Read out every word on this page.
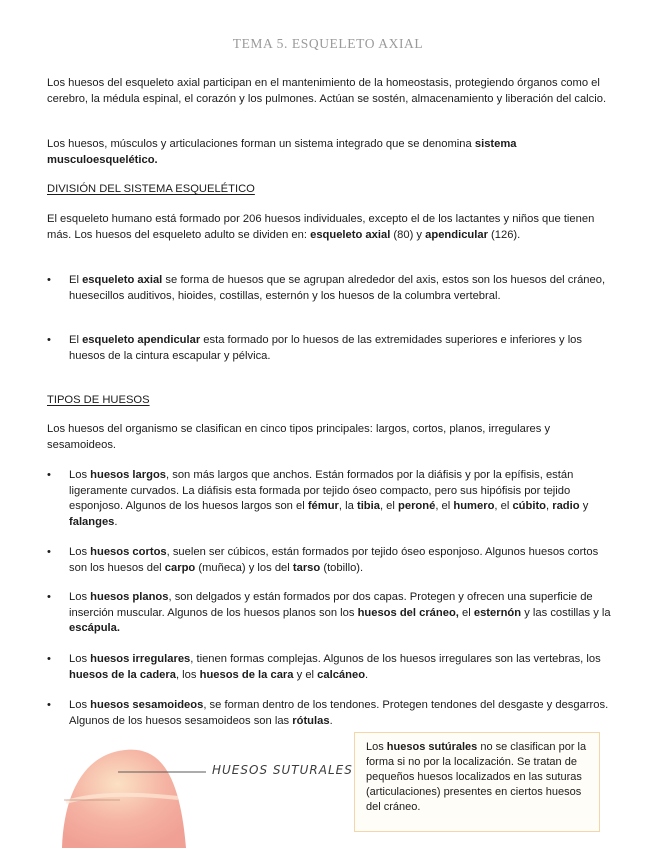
TEMA 5. ESQUELETO AXIAL

Los huesos del esqueleto axial participan en el mantenimiento de la homeostasis, protegiendo órganos como el cerebro, la médula espinal, el corazón y los pulmones. Actúan se sostén, almacenamiento y liberación del calcio.

Los huesos, músculos y articulaciones forman un sistema integrado que se denomina sistema musculoesquelético.

DIVISIÓN DEL SISTEMA ESQUELÉTICO

El esqueleto humano está formado por 206 huesos individuales, excepto el de los lactantes y niños que tienen más. Los huesos del esqueleto adulto se dividen en: esqueleto axial (80) y apendicular (126).

• El esqueleto axial se forma de huesos que se agrupan alrededor del axis, estos son los huesos del cráneo, huesecillos auditivos, hioides, costillas, esternón y los huesos de la columbra vertebral.
• El esqueleto apendicular esta formado por lo huesos de las extremidades superiores e inferiores y los huesos de la cintura escapular y pélvica.

TIPOS DE HUESOS

Los huesos del organismo se clasifican en cinco tipos principales: largos, cortos, planos, irregulares y sesamoideos.

• Los huesos largos, son más largos que anchos. Están formados por la diáfisis y por la epífisis, están ligeramente curvados. La diáfisis esta formada por tejido óseo compacto, pero sus hipófisis por tejido esponjoso. Algunos de los huesos largos son el fémur, la tibia, el peroné, el humero, el cúbito, radio y falanges.
• Los huesos cortos, suelen ser cúbicos, están formados por tejido óseo esponjoso. Algunos huesos cortos son los huesos del carpo (muñeca) y los del tarso (tobillo).
• Los huesos planos, son delgados y están formados por dos capas. Protegen y ofrecen una superficie de inserción muscular. Algunos de los huesos planos son los huesos del cráneo, el esternón y las costillas y la escápula.
• Los huesos irregulares, tienen formas complejas. Algunos de los huesos irregulares son las vertebras, los huesos de la cadera, los huesos de la cara y el calcáneo.
• Los huesos sesamoideos, se forman dentro de los tendones. Protegen tendones del desgaste y desgarros. Algunos de los huesos sesamoideos son las rótulas.
HUESOS SUTURALES
Los huesos sutúrales no se clasifican por la forma si no por la localización. Se tratan de pequeños huesos localizados en las suturas (articulaciones) presentes en ciertos huesos del cráneo.
